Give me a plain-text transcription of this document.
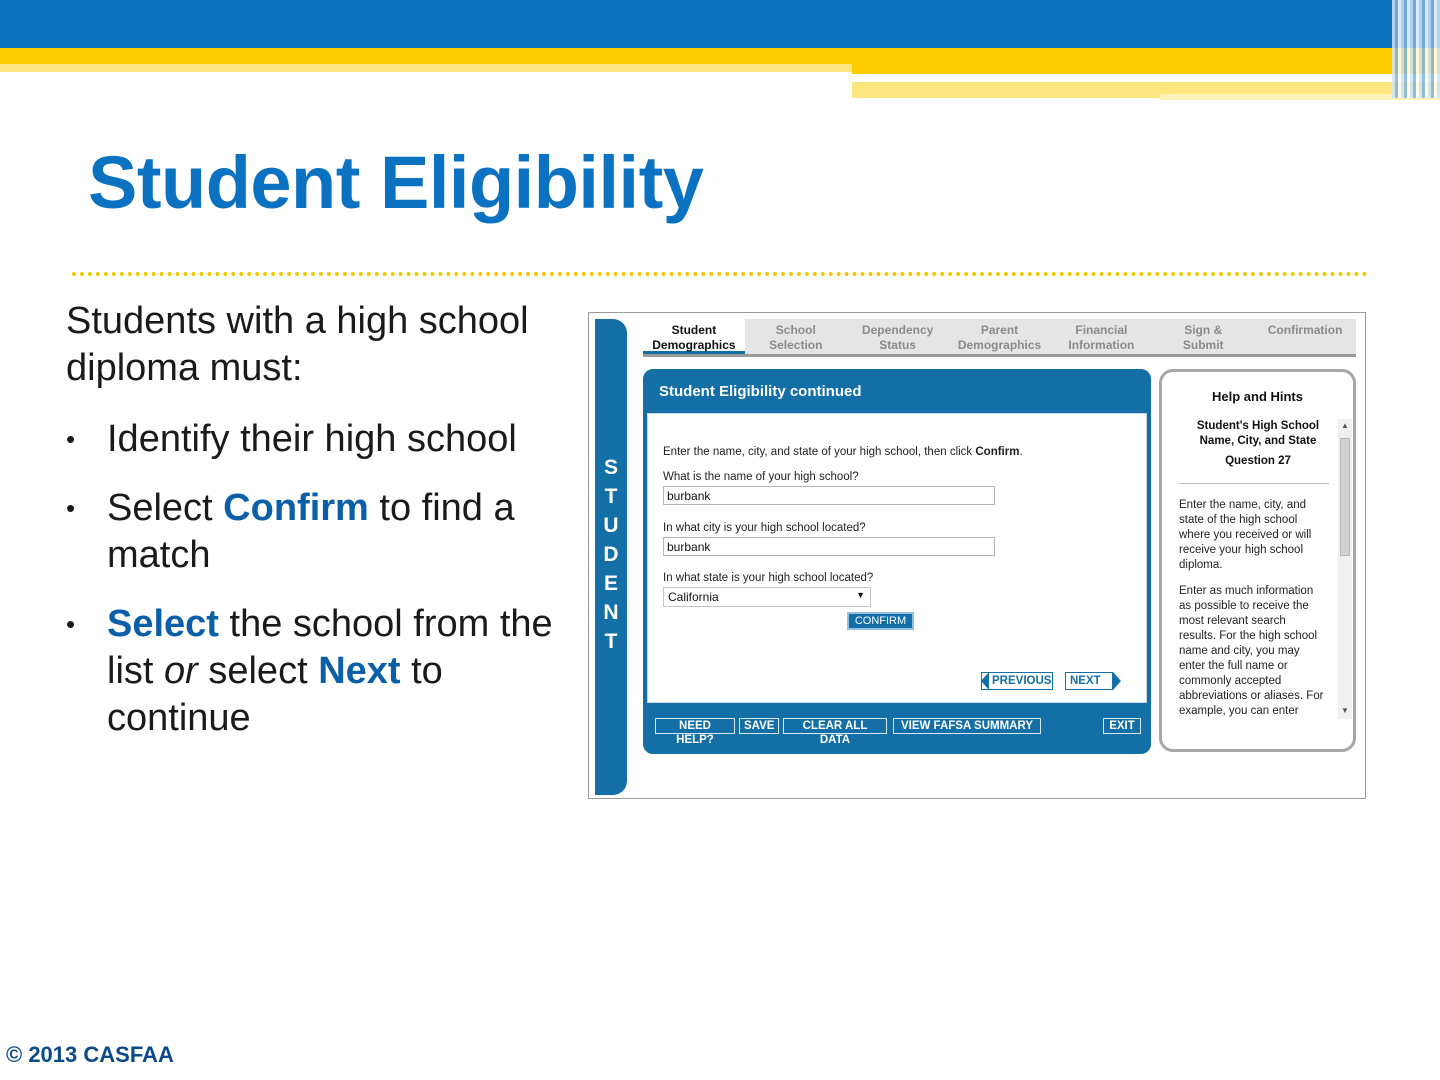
Student Eligibility

Students with a high school diploma must:

• Identify their high school
• Select Confirm to find a match
• Select the school from the list or select Next to continue
© 2013 CASFAA
S
T
U
D
E
N
T
Student
Demographics
School
Selection
Dependency
Status
Parent
Demographics
Financial
Information
Sign &
Submit
Confirmation
Student Eligibility continued
Enter the name, city, and state of your high school, then click Confirm.
What is the name of your high school?
burbank
In what city is your high school located?
burbank
In what state is your high school located?
California	▼
CONFIRM
PREVIOUS	NEXT
NEED HELP?
SAVE	CLEAR ALL DATA
VIEW FAFSA SUMMARY	EXIT
Help and Hints
Student's High School Name, City, and State
Question 27
Enter the name, city, and state of the high school where you received or will receive your high school diploma.
Enter as much information as possible to receive the most relevant search results. For the high school name and city, you may enter the full name or commonly accepted abbreviations or aliases. For example, you can enter
▲
▼
